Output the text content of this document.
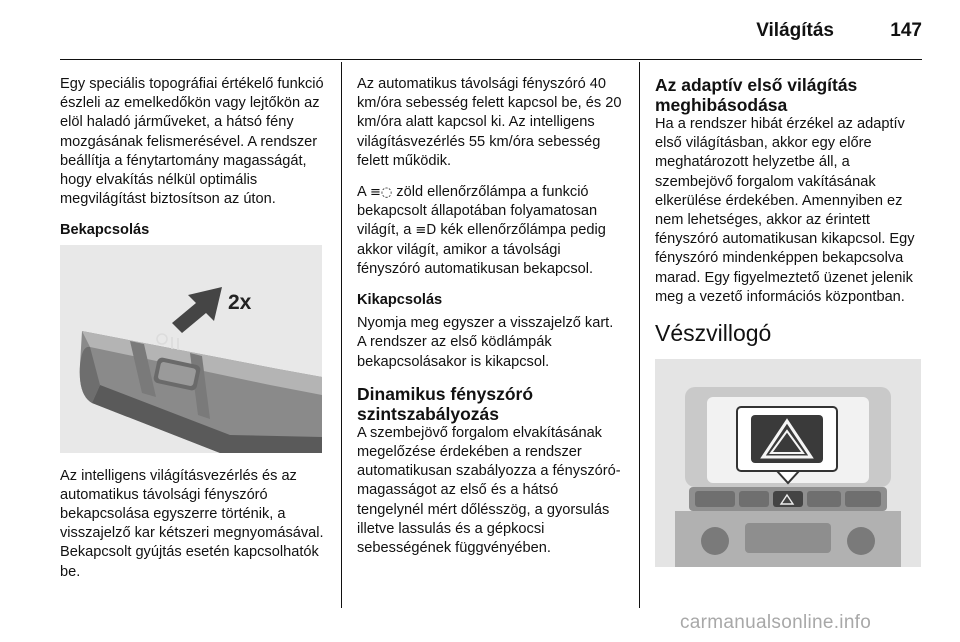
Világítás	147

Egy speciális topográfiai értékelő funkció észleli az emelkedőkön vagy lejtőkön az elöl haladó járműveket, a hátsó fény mozgásának felismerésével. A rendszer beállítja a fénytartomány magasságát, hogy elvakítás nélkül optimális megvilágítást biztosítson az úton.

Bekapcsolás
2x

Az intelligens világításvezérlés és az automatikus távolsági fényszóró bekapcsolása egyszerre történik, a visszajelző kar kétszeri megnyomásával. Bekapcsolt gyújtás esetén kapcsolhatók be.

Az automatikus távolsági fényszóró 40 km/óra sebesség felett kapcsol be, és 20 km/óra alatt kapcsol ki. Az intelligens világításvezérlés 55 km/óra sebesség felett működik.

A ≡◌ zöld ellenőrzőlámpa a funkció bekapcsolt állapotában folyamatosan világít, a ≡D kék ellenőrzőlámpa pedig akkor világít, amikor a távolsági fényszóró automatikusan bekapcsol.

Kikapcsolás

Nyomja meg egyszer a visszajelző kart. A rendszer az első ködlámpák bekapcsolásakor is kikapcsol.

Dinamikus fényszóró szintszabályozás

A szembejövő forgalom elvakításának megelőzése érdekében a rendszer automatikusan szabályozza a fényszóró-magasságot az első és a hátsó tengelynél mért dőlésszög, a gyorsulás illetve lassulás és a gépkocsi sebességének függvényében.

Az adaptív első világítás meghibásodása

Ha a rendszer hibát érzékel az adaptív első világításban, akkor egy előre meghatározott helyzetbe áll, a szembejövő forgalom vakításának elkerülése érdekében. Amennyiben ez nem lehetséges, akkor az érintett fényszóró automatikusan kikapcsol. Egy fényszóró mindenképpen bekapcsolva marad. Egy figyelmeztető üzenet jelenik meg a vezető információs központban.

Vészvillogó
carmanualsonline.info
